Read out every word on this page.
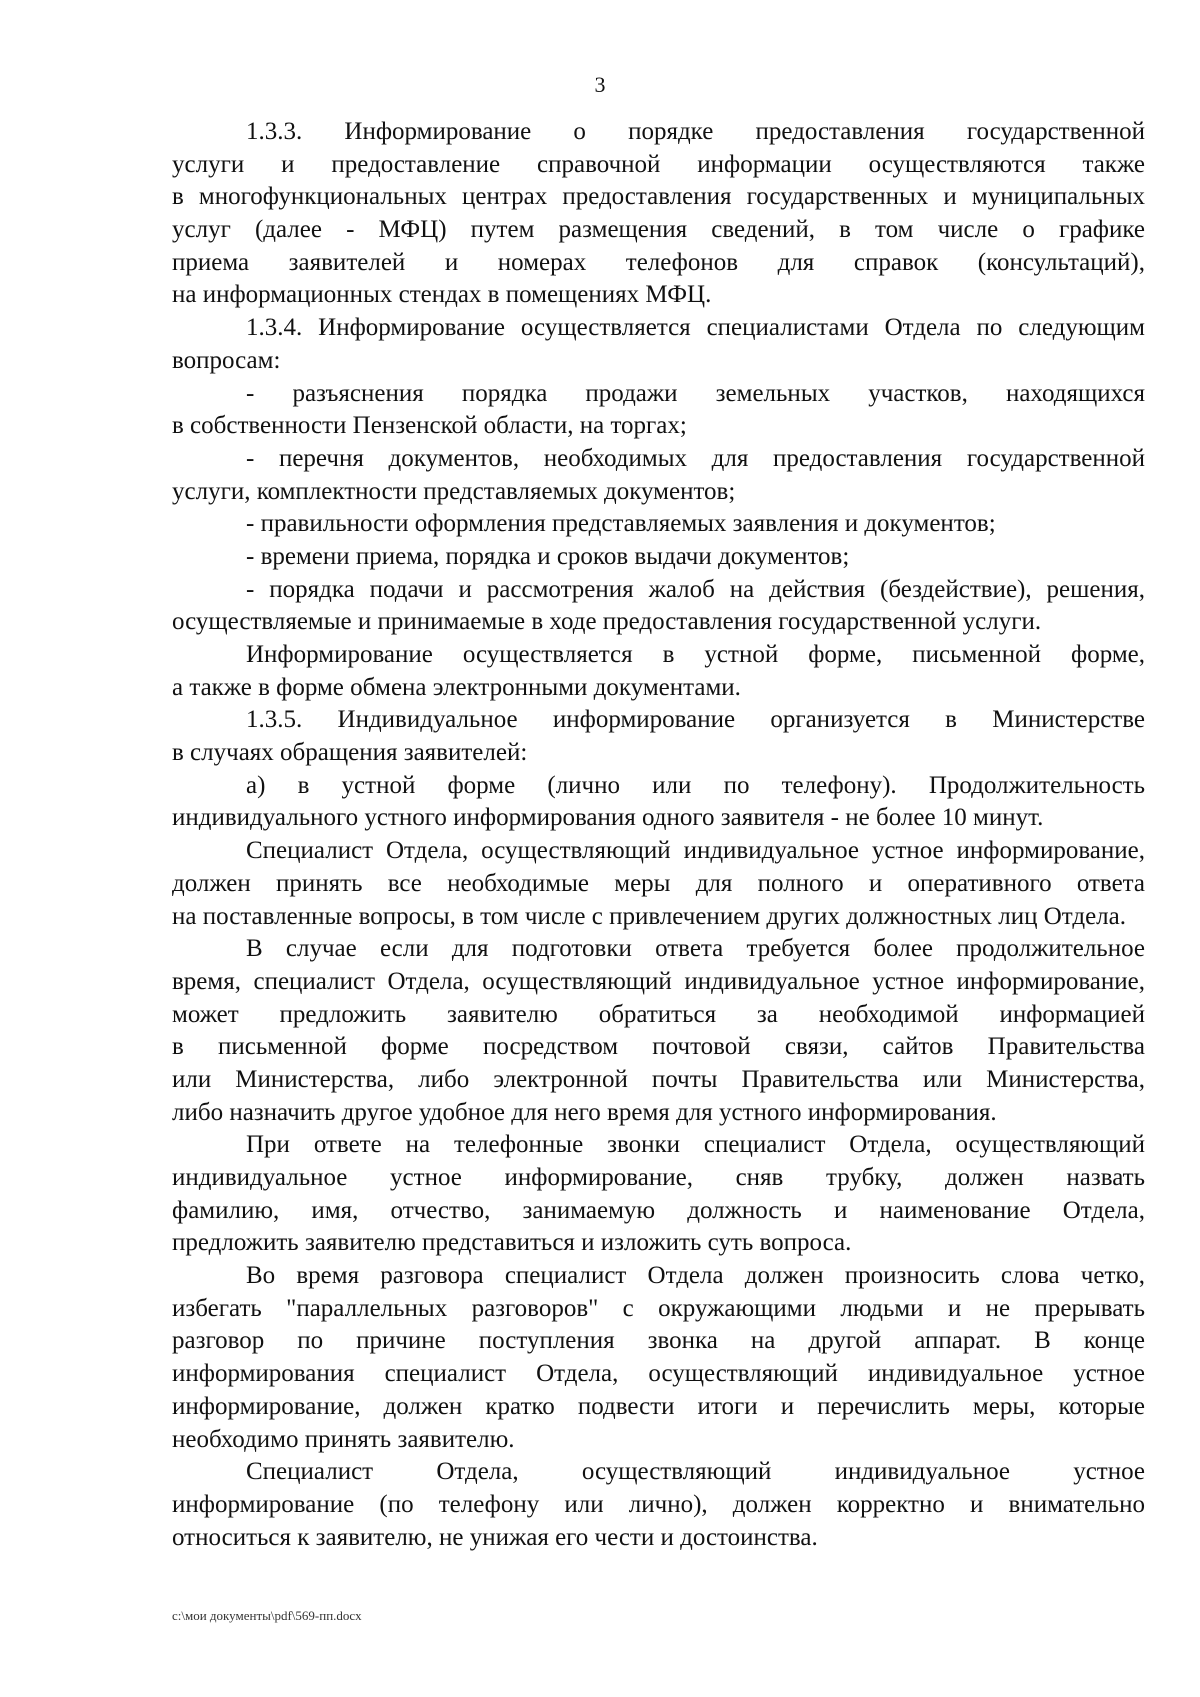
3
1.3.3. Информирование о порядке предоставления государственной
услуги и предоставление справочной информации осуществляются также
в многофункциональных центрах предоставления государственных и муниципальных
услуг (далее - МФЦ) путем размещения сведений, в том числе о графике
приема заявителей и номерах телефонов для справок (консультаций),
на информационных стендах в помещениях МФЦ.
1.3.4. Информирование осуществляется специалистами Отдела по следующим
вопросам:
- разъяснения порядка продажи земельных участков, находящихся
в собственности Пензенской области, на торгах;
- перечня документов, необходимых для предоставления государственной
услуги, комплектности представляемых документов;
- правильности оформления представляемых заявления и документов;
- времени приема, порядка и сроков выдачи документов;
- порядка подачи и рассмотрения жалоб на действия (бездействие), решения,
осуществляемые и принимаемые в ходе предоставления государственной услуги.
Информирование осуществляется в устной форме, письменной форме,
а также в форме обмена электронными документами.
1.3.5. Индивидуальное информирование организуется в Министерстве
в случаях обращения заявителей:
а) в устной форме (лично или по телефону). Продолжительность
индивидуального устного информирования одного заявителя - не более 10 минут.
Специалист Отдела, осуществляющий индивидуальное устное информирование,
должен принять все необходимые меры для полного и оперативного ответа
на поставленные вопросы, в том числе с привлечением других должностных лиц Отдела.
В случае если для подготовки ответа требуется более продолжительное
время, специалист Отдела, осуществляющий индивидуальное устное информирование,
может предложить заявителю обратиться за необходимой информацией
в письменной форме посредством почтовой связи, сайтов Правительства
или Министерства, либо электронной почты Правительства или Министерства,
либо назначить другое удобное для него время для устного информирования.
При ответе на телефонные звонки специалист Отдела, осуществляющий
индивидуальное устное информирование, сняв трубку, должен назвать
фамилию, имя, отчество, занимаемую должность и наименование Отдела,
предложить заявителю представиться и изложить суть вопроса.
Во время разговора специалист Отдела должен произносить слова четко,
избегать "параллельных разговоров" с окружающими людьми и не прерывать
разговор по причине поступления звонка на другой аппарат. В конце
информирования специалист Отдела, осуществляющий индивидуальное устное
информирование, должен кратко подвести итоги и перечислить меры, которые
необходимо принять заявителю.
Специалист Отдела, осуществляющий индивидуальное устное
информирование (по телефону или лично), должен корректно и внимательно
относиться к заявителю, не унижая его чести и достоинства.
c:\мои документы\pdf\569-пп.docx
